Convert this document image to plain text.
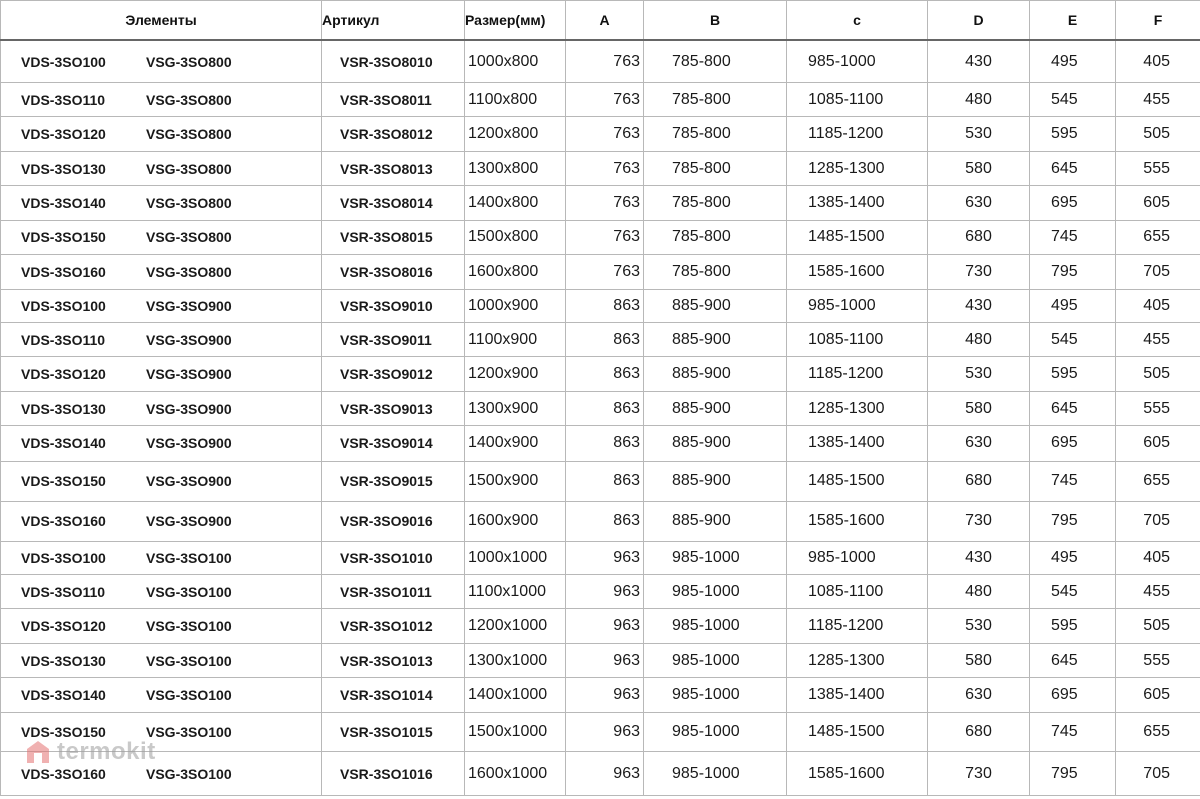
Элементы	Артикул	Размер(мм)	A	B	c	D	E	F
VDS-3SO100 VSG-3SO800	VSR-3SO8010	1000x800	763	785-800	985-1000	430	495	405
VDS-3SO110 VSG-3SO800	VSR-3SO8011	1100x800	763	785-800	1085-1100	480	545	455
VDS-3SO120 VSG-3SO800	VSR-3SO8012	1200x800	763	785-800	1185-1200	530	595	505
VDS-3SO130 VSG-3SO800	VSR-3SO8013	1300x800	763	785-800	1285-1300	580	645	555
VDS-3SO140 VSG-3SO800	VSR-3SO8014	1400x800	763	785-800	1385-1400	630	695	605
VDS-3SO150 VSG-3SO800	VSR-3SO8015	1500x800	763	785-800	1485-1500	680	745	655
VDS-3SO160 VSG-3SO800	VSR-3SO8016	1600x800	763	785-800	1585-1600	730	795	705
VDS-3SO100 VSG-3SO900	VSR-3SO9010	1000x900	863	885-900	985-1000	430	495	405
VDS-3SO110 VSG-3SO900	VSR-3SO9011	1100x900	863	885-900	1085-1100	480	545	455
VDS-3SO120 VSG-3SO900	VSR-3SO9012	1200x900	863	885-900	1185-1200	530	595	505
VDS-3SO130 VSG-3SO900	VSR-3SO9013	1300x900	863	885-900	1285-1300	580	645	555
VDS-3SO140 VSG-3SO900	VSR-3SO9014	1400x900	863	885-900	1385-1400	630	695	605
VDS-3SO150 VSG-3SO900	VSR-3SO9015	1500x900	863	885-900	1485-1500	680	745	655
VDS-3SO160 VSG-3SO900	VSR-3SO9016	1600x900	863	885-900	1585-1600	730	795	705
VDS-3SO100 VSG-3SO100	VSR-3SO1010	1000x1000	963	985-1000	985-1000	430	495	405
VDS-3SO110 VSG-3SO100	VSR-3SO1011	1100x1000	963	985-1000	1085-1100	480	545	455
VDS-3SO120 VSG-3SO100	VSR-3SO1012	1200x1000	963	985-1000	1185-1200	530	595	505
VDS-3SO130 VSG-3SO100	VSR-3SO1013	1300x1000	963	985-1000	1285-1300	580	645	555
VDS-3SO140 VSG-3SO100	VSR-3SO1014	1400x1000	963	985-1000	1385-1400	630	695	605
VDS-3SO150 VSG-3SO100	VSR-3SO1015	1500x1000	963	985-1000	1485-1500	680	745	655
VDS-3SO160 VSG-3SO100	VSR-3SO1016	1600x1000	963	985-1000	1585-1600	730	795	705
termokit
